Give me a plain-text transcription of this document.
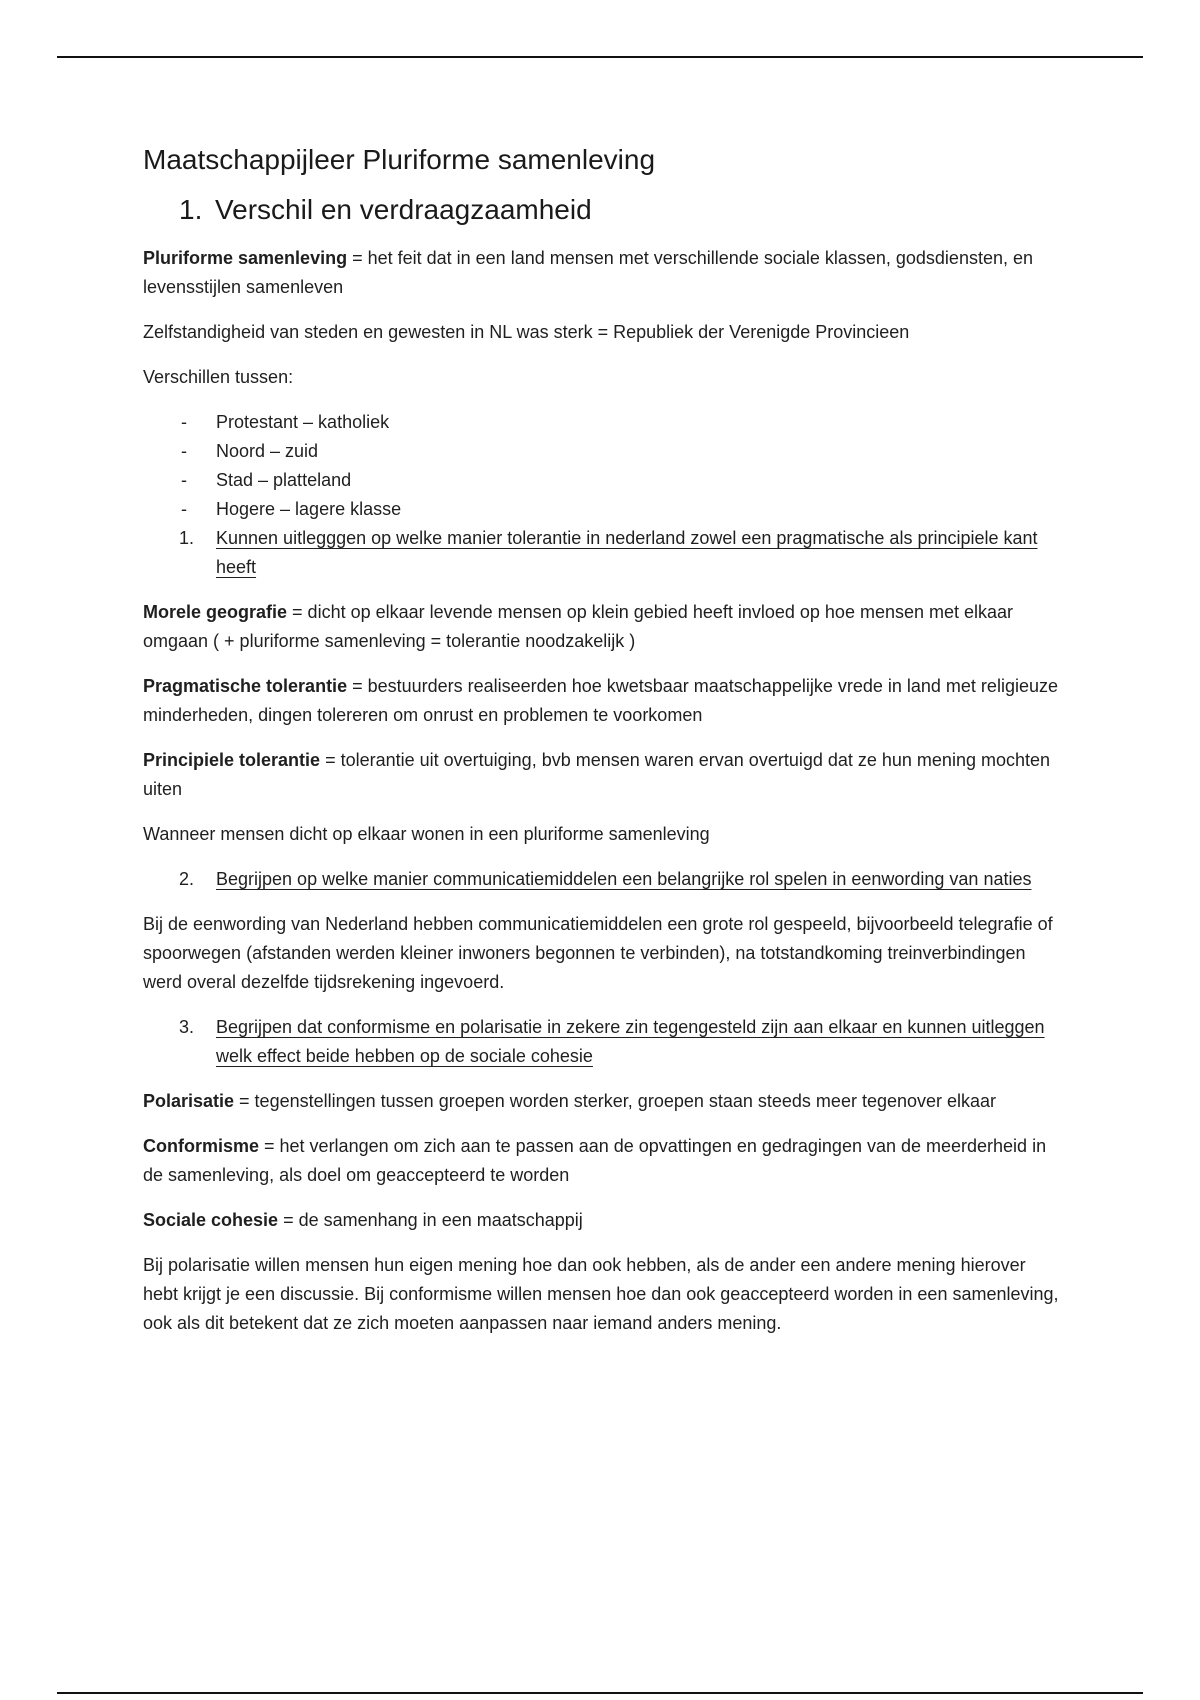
Maatschappijleer Pluriforme samenleving
1. Verschil en verdraagzaamheid

Pluriforme samenleving = het feit dat in een land mensen met verschillende sociale klassen, godsdiensten, en levensstijlen samenleven

Zelfstandigheid van steden en gewesten in NL was sterk = Republiek der Verenigde Provincieen

Verschillen tussen:

- Protestant – katholiek
- Noord – zuid
- Stad – platteland
- Hogere – lagere klasse
1. Kunnen uitlegggen op welke manier tolerantie in nederland zowel een pragmatische als principiele kant heeft

Morele geografie = dicht op elkaar levende mensen op klein gebied heeft invloed op hoe mensen met elkaar omgaan ( + pluriforme samenleving = tolerantie noodzakelijk )

Pragmatische tolerantie = bestuurders realiseerden hoe kwetsbaar maatschappelijke vrede in land met religieuze minderheden, dingen tolereren om onrust en problemen te voorkomen

Principiele tolerantie = tolerantie uit overtuiging, bvb mensen waren ervan overtuigd dat ze hun mening mochten uiten

Wanneer mensen dicht op elkaar wonen in een pluriforme samenleving

2. Begrijpen op welke manier communicatiemiddelen een belangrijke rol spelen in eenwording van naties

Bij de eenwording van Nederland hebben communicatiemiddelen een grote rol gespeeld, bijvoorbeeld telegrafie of spoorwegen (afstanden werden kleiner inwoners begonnen te verbinden), na totstandkoming treinverbindingen werd overal dezelfde tijdsrekening ingevoerd.

3. Begrijpen dat conformisme en polarisatie in zekere zin tegengesteld zijn aan elkaar en kunnen uitleggen welk effect beide hebben op de sociale cohesie

Polarisatie = tegenstellingen tussen groepen worden sterker, groepen staan steeds meer tegenover elkaar

Conformisme = het verlangen om zich aan te passen aan de opvattingen en gedragingen van de meerderheid in de samenleving, als doel om geaccepteerd te worden

Sociale cohesie = de samenhang in een maatschappij

Bij polarisatie willen mensen hun eigen mening hoe dan ook hebben, als de ander een andere mening hierover hebt krijgt je een discussie. Bij conformisme willen mensen hoe dan ook geaccepteerd worden in een samenleving, ook als dit betekent dat ze zich moeten aanpassen naar iemand anders mening.
